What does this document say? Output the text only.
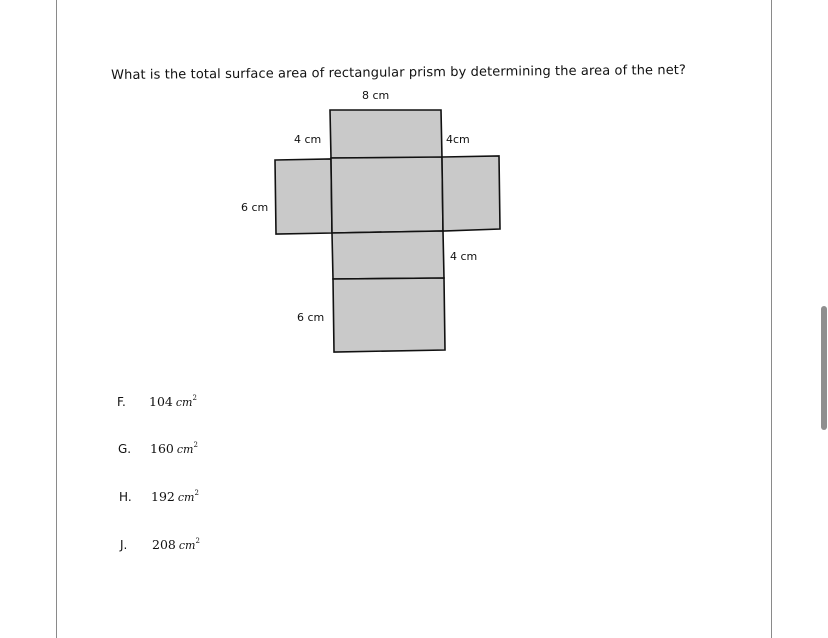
What is the total surface area of rectangular prism by determining the area of the net?

8 cm
4 cm	4cm
6 cm
4 cm
6 cm
F. 104 $cm^2$
G. 160 $cm^2$
H. 192 $cm^2$
J. 208 $cm^2$
